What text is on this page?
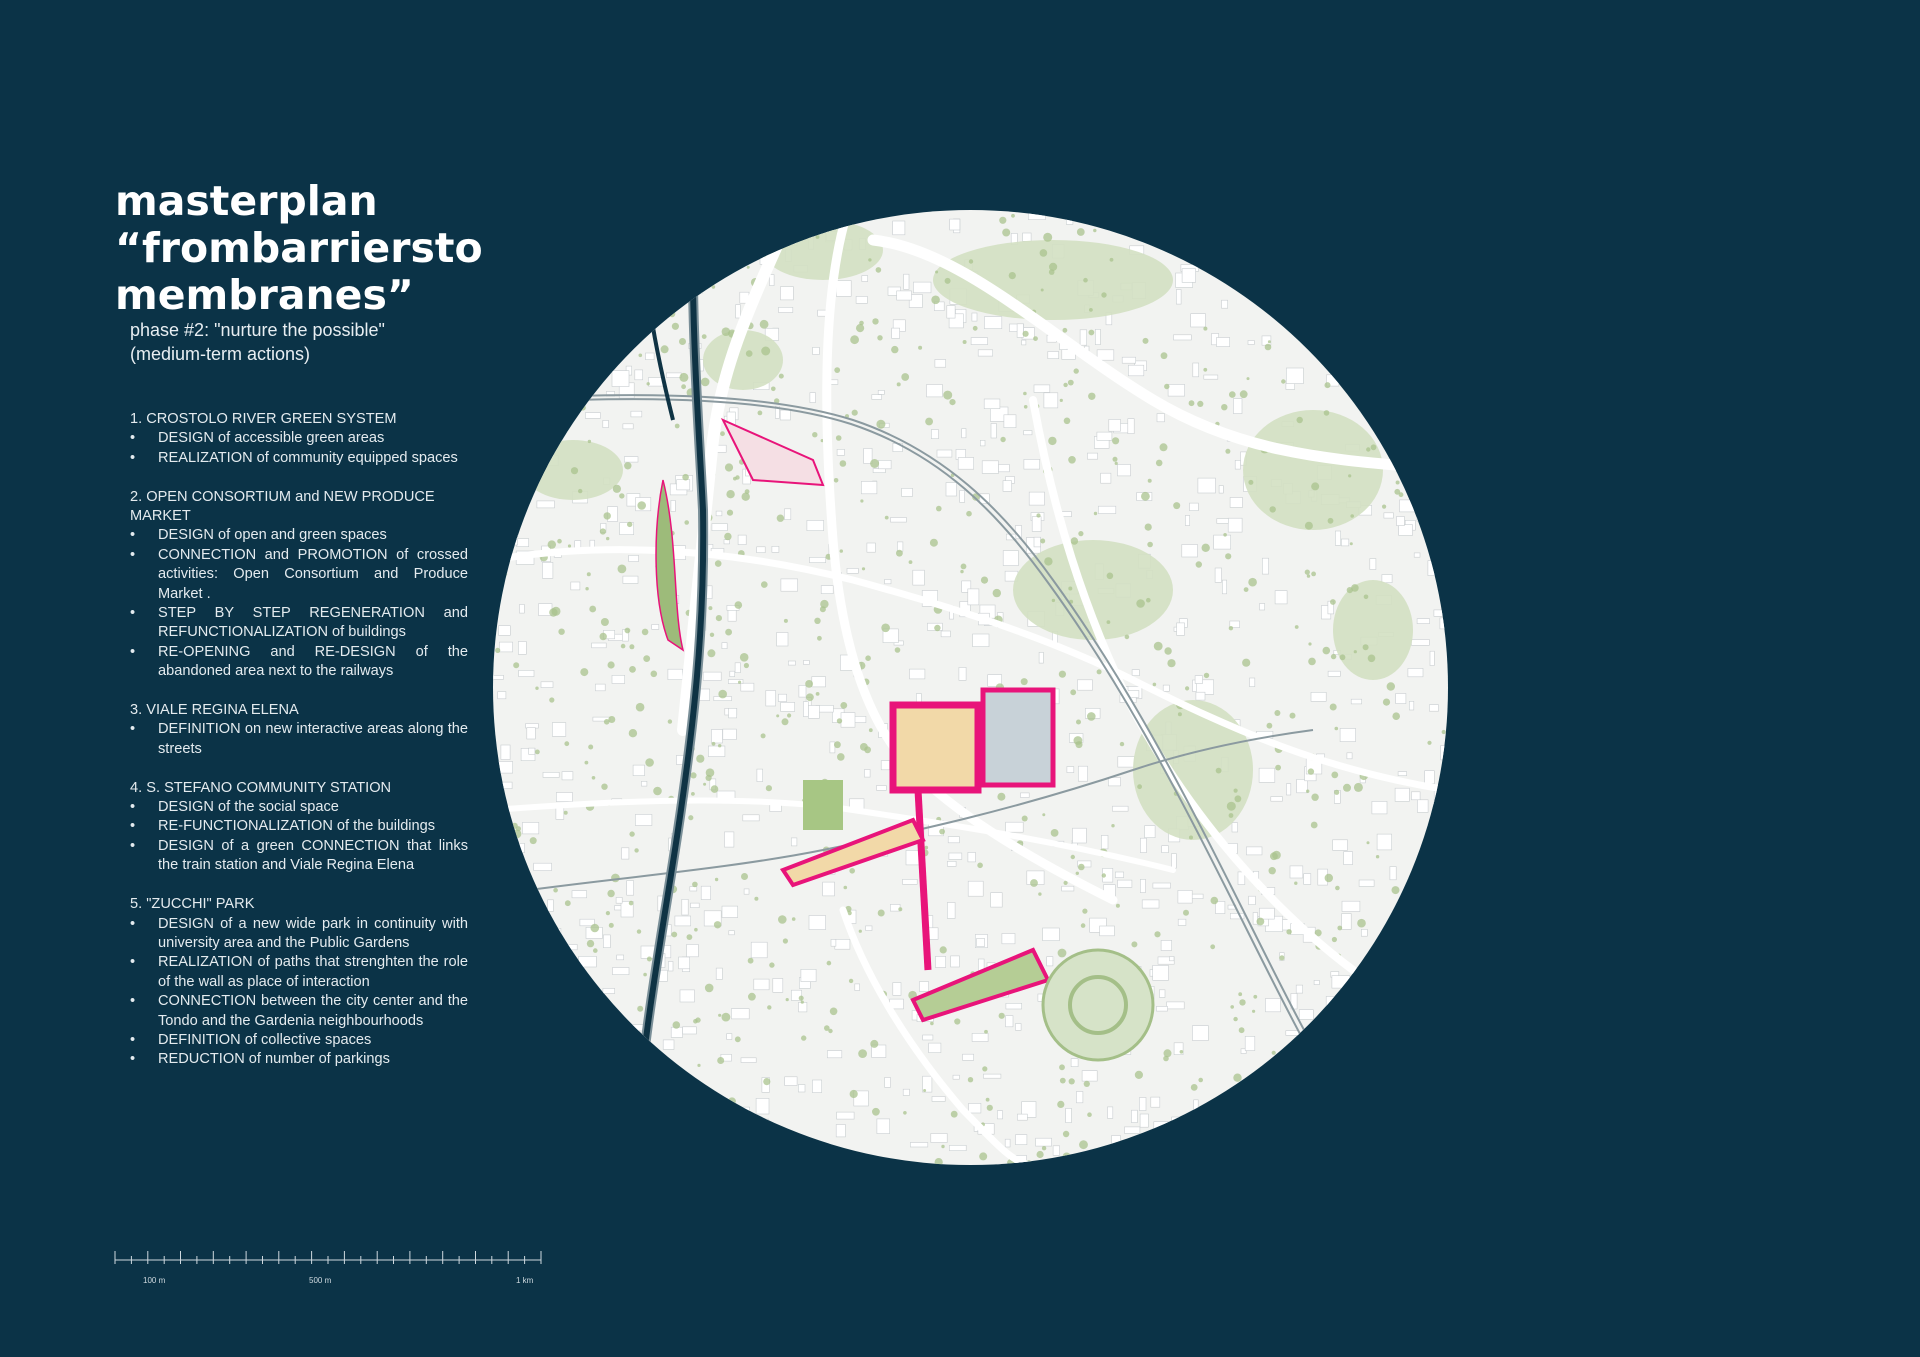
masterplan
“from barriers to
membranes”
phase #2: "nurture the possible"
(medium-term actions)
1. CROSTOLO RIVER GREEN SYSTEM
•	DESIGN of accessible green areas
•	REALIZATION of community equipped spaces
2. OPEN CONSORTIUM and NEW PRODUCE MARKET
•	DESIGN of open and green spaces
•	CONNECTION and PROMOTION of crossed activities: Open Consortium and Produce Market .
•	STEP BY STEP REGENERATION and REFUNCTIONALIZATION of buildings
•	RE-OPENING and RE-DESIGN of the abandoned area next to the railways
3. VIALE REGINA ELENA
•	DEFINITION on new interactive areas along the streets
4. S. STEFANO COMMUNITY STATION
•	DESIGN of the social space
•	RE-FUNCTIONALIZATION of the buildings
•	DESIGN of a green CONNECTION that links the train station and Viale Regina Elena
5. "ZUCCHI" PARK
•	DESIGN of a new wide park in continuity with university area and the Public Gardens
•	REALIZATION of paths that strenghten the role of the wall as place of interaction
•	CONNECTION between the city center and the Tondo and the Gardenia neighbourhoods
•	DEFINITION of collective spaces
•	REDUCTION of number of parkings
100 m	500 m	1 km
